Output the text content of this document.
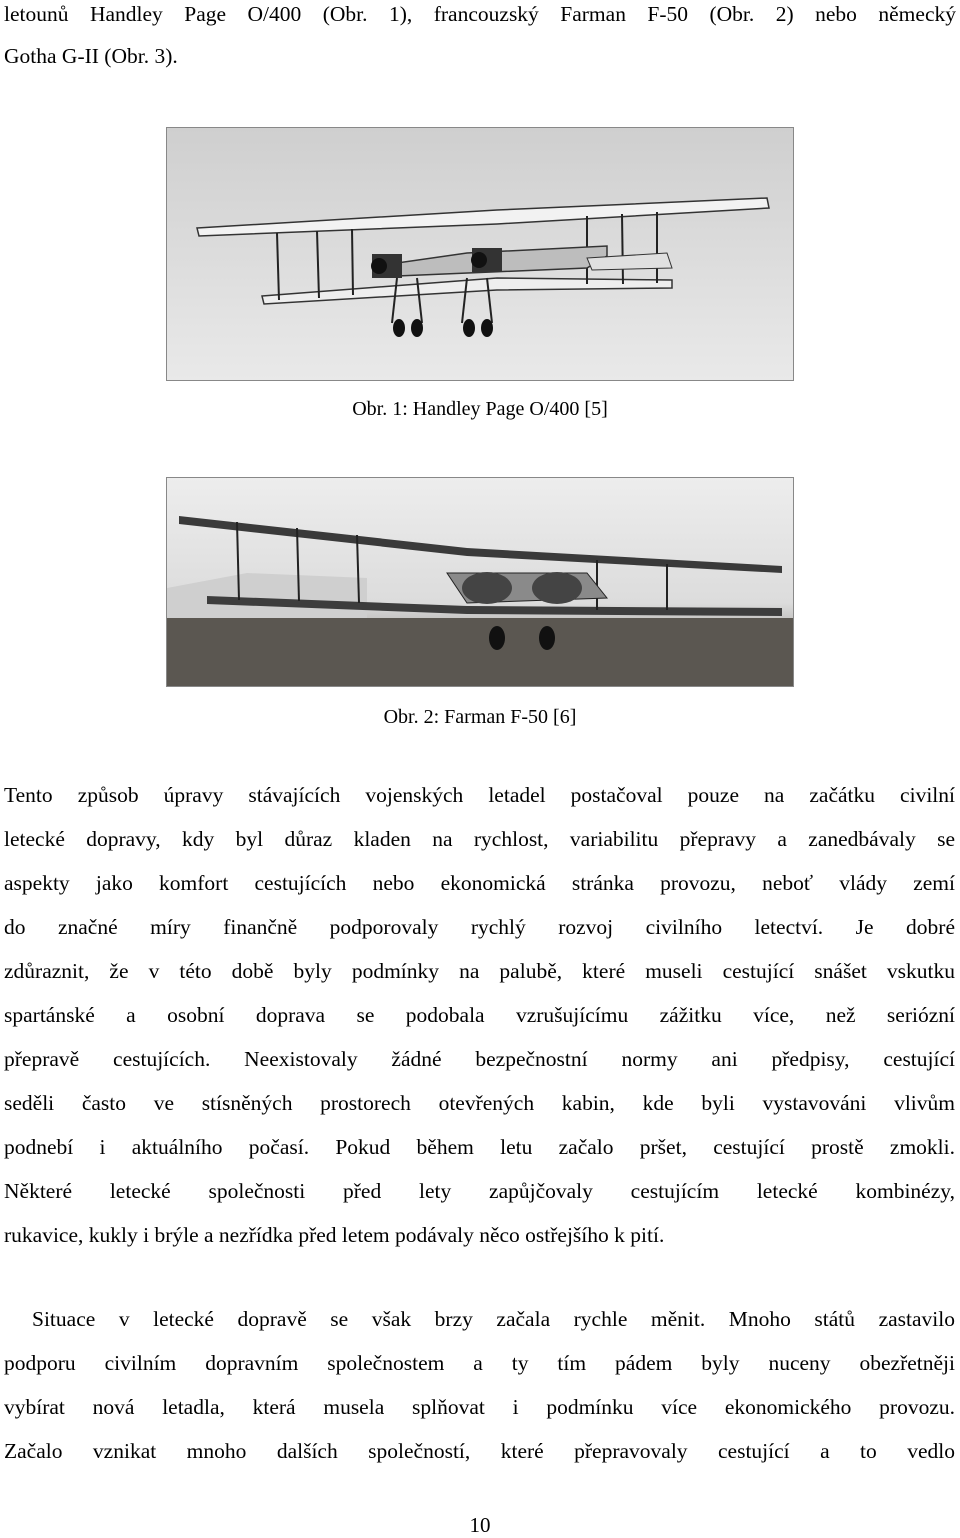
letounů Handley Page O/400 (Obr. 1), francouzský Farman F-50 (Obr. 2) nebo německý
Gotha G-II (Obr. 3).
Obr. 1: Handley Page O/400 [5]
Obr. 2: Farman F-50 [6]
Tento způsob úpravy stávajících vojenských letadel postačoval pouze na začátku civilní
letecké dopravy, kdy byl důraz kladen na rychlost, variabilitu přepravy a zanedbávaly se
aspekty jako komfort cestujících nebo ekonomická stránka provozu, neboť vlády zemí
do značné míry finančně podporovaly rychlý rozvoj civilního letectví. Je dobré
zdůraznit, že v této době byly podmínky na palubě, které museli cestující snášet vskutku
spartánské a osobní doprava se podobala vzrušujícímu zážitku více, než seriózní
přepravě cestujících. Neexistovaly žádné bezpečnostní normy ani předpisy, cestující
seděli často ve stísněných prostorech otevřených kabin, kde byli vystavováni vlivům
podnebí i aktuálního počasí. Pokud během letu začalo pršet, cestující prostě zmokli.
Některé letecké společnosti před lety zapůjčovaly cestujícím letecké kombinézy,
rukavice, kukly i brýle a nezřídka před letem podávaly něco ostřejšího k pití.
Situace v letecké dopravě se však brzy začala rychle měnit. Mnoho států zastavilo
podporu civilním dopravním společnostem a ty tím pádem byly nuceny obezřetněji
vybírat nová letadla, která musela splňovat i podmínku více ekonomického provozu.
Začalo vznikat mnoho dalších společností, které přepravovaly cestující a to vedlo
10
